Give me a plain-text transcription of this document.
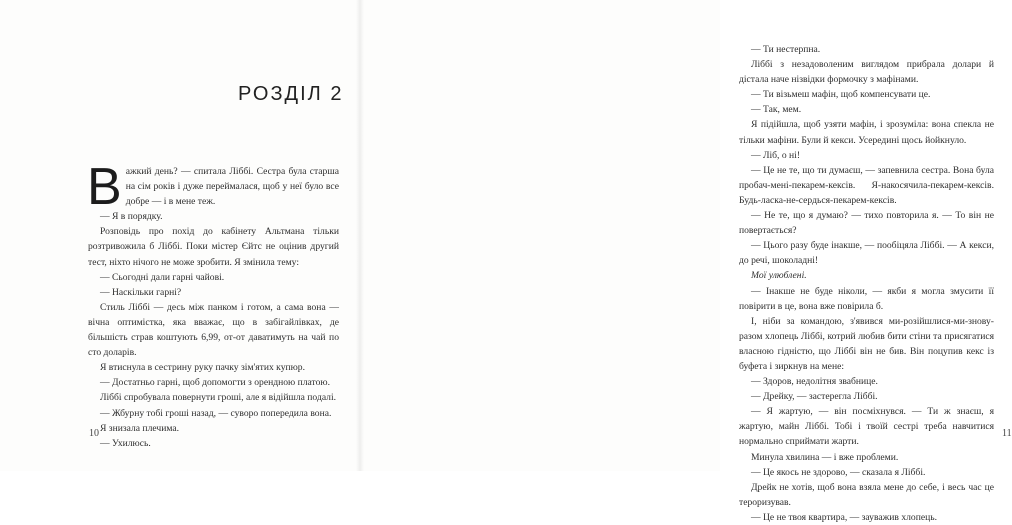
РОЗДІЛ 2

Важкий день? — спитала Ліббі. Сестра була старша на сім років і дуже переймалася, щоб у неї було все добре — і в мене теж.

— Я в порядку.

Розповідь про похід до кабінету Альтмана тільки розтривожила б Ліббі. Поки містер Єйтс не оцінив другий тест, ніхто нічого не може зробити. Я змінила тему:

— Сьогодні дали гарні чайові.

— Наскільки гарні?

Стиль Ліббі — десь між панком і готом, а сама вона — вічна оптимістка, яка вважає, що в забігайлівках, де більшість страв коштують 6,99, от-от даватимуть на чай по сто доларів.

Я втиснула в сестрину руку пачку зім'ятих купюр.

— Достатньо гарні, щоб допомогти з орендною платою.

Ліббі спробувала повернути гроші, але я відійшла подалі.

— Жбурну тобі гроші назад, — суворо попередила вона.

Я знизала плечима.

— Ухилюсь.

10

— Ти нестерпна.

Ліббі з незадоволеним виглядом прибрала долари й дістала наче нізвідки формочку з мафінами.

— Ти візьмеш мафін, щоб компенсувати це.

— Так, мем.

Я підійшла, щоб узяти мафін, і зрозуміла: вона спекла не тільки мафіни. Були й кекси. Усередині щось йойкнуло.

— Ліб, о ні!

— Це не те, що ти думаєш, — запевнила сестра. Вона була пробач-мені-пекарем-кексів. Я-накосячила-пекарем-кексів. Будь-ласка-не-сердься-пекарем-кексів.

— Не те, що я думаю? — тихо повторила я. — То він не повертається?

— Цього разу буде інакше, — пообіцяла Ліббі. — А кекси, до речі, шоколадні!

Мої улюблені.

— Інакше не буде ніколи, — якби я могла змусити її повірити в це, вона вже повірила б.

І, ніби за командою, з'явився ми-розійшлися-ми-знову-разом хлопець Ліббі, котрий любив бити стіни та присягатися власною гідністю, що Ліббі він не бив. Він поцупив кекс із буфета і зиркнув на мене:

— Здоров, недолітня звабнице.

— Дрейку, — застерегла Ліббі.

— Я жартую, — він посміхнувся. — Ти ж знаєш, я жартую, майн Ліббі. Тобі і твоїй сестрі треба навчитися нормально сприймати жарти.

Минула хвилина — і вже проблеми.

— Це якось не здорово, — сказала я Ліббі.

Дрейк не хотів, щоб вона взяла мене до себе, і весь час це тероризував.

— Це не твоя квартира, — зауважив хлопець.

11
